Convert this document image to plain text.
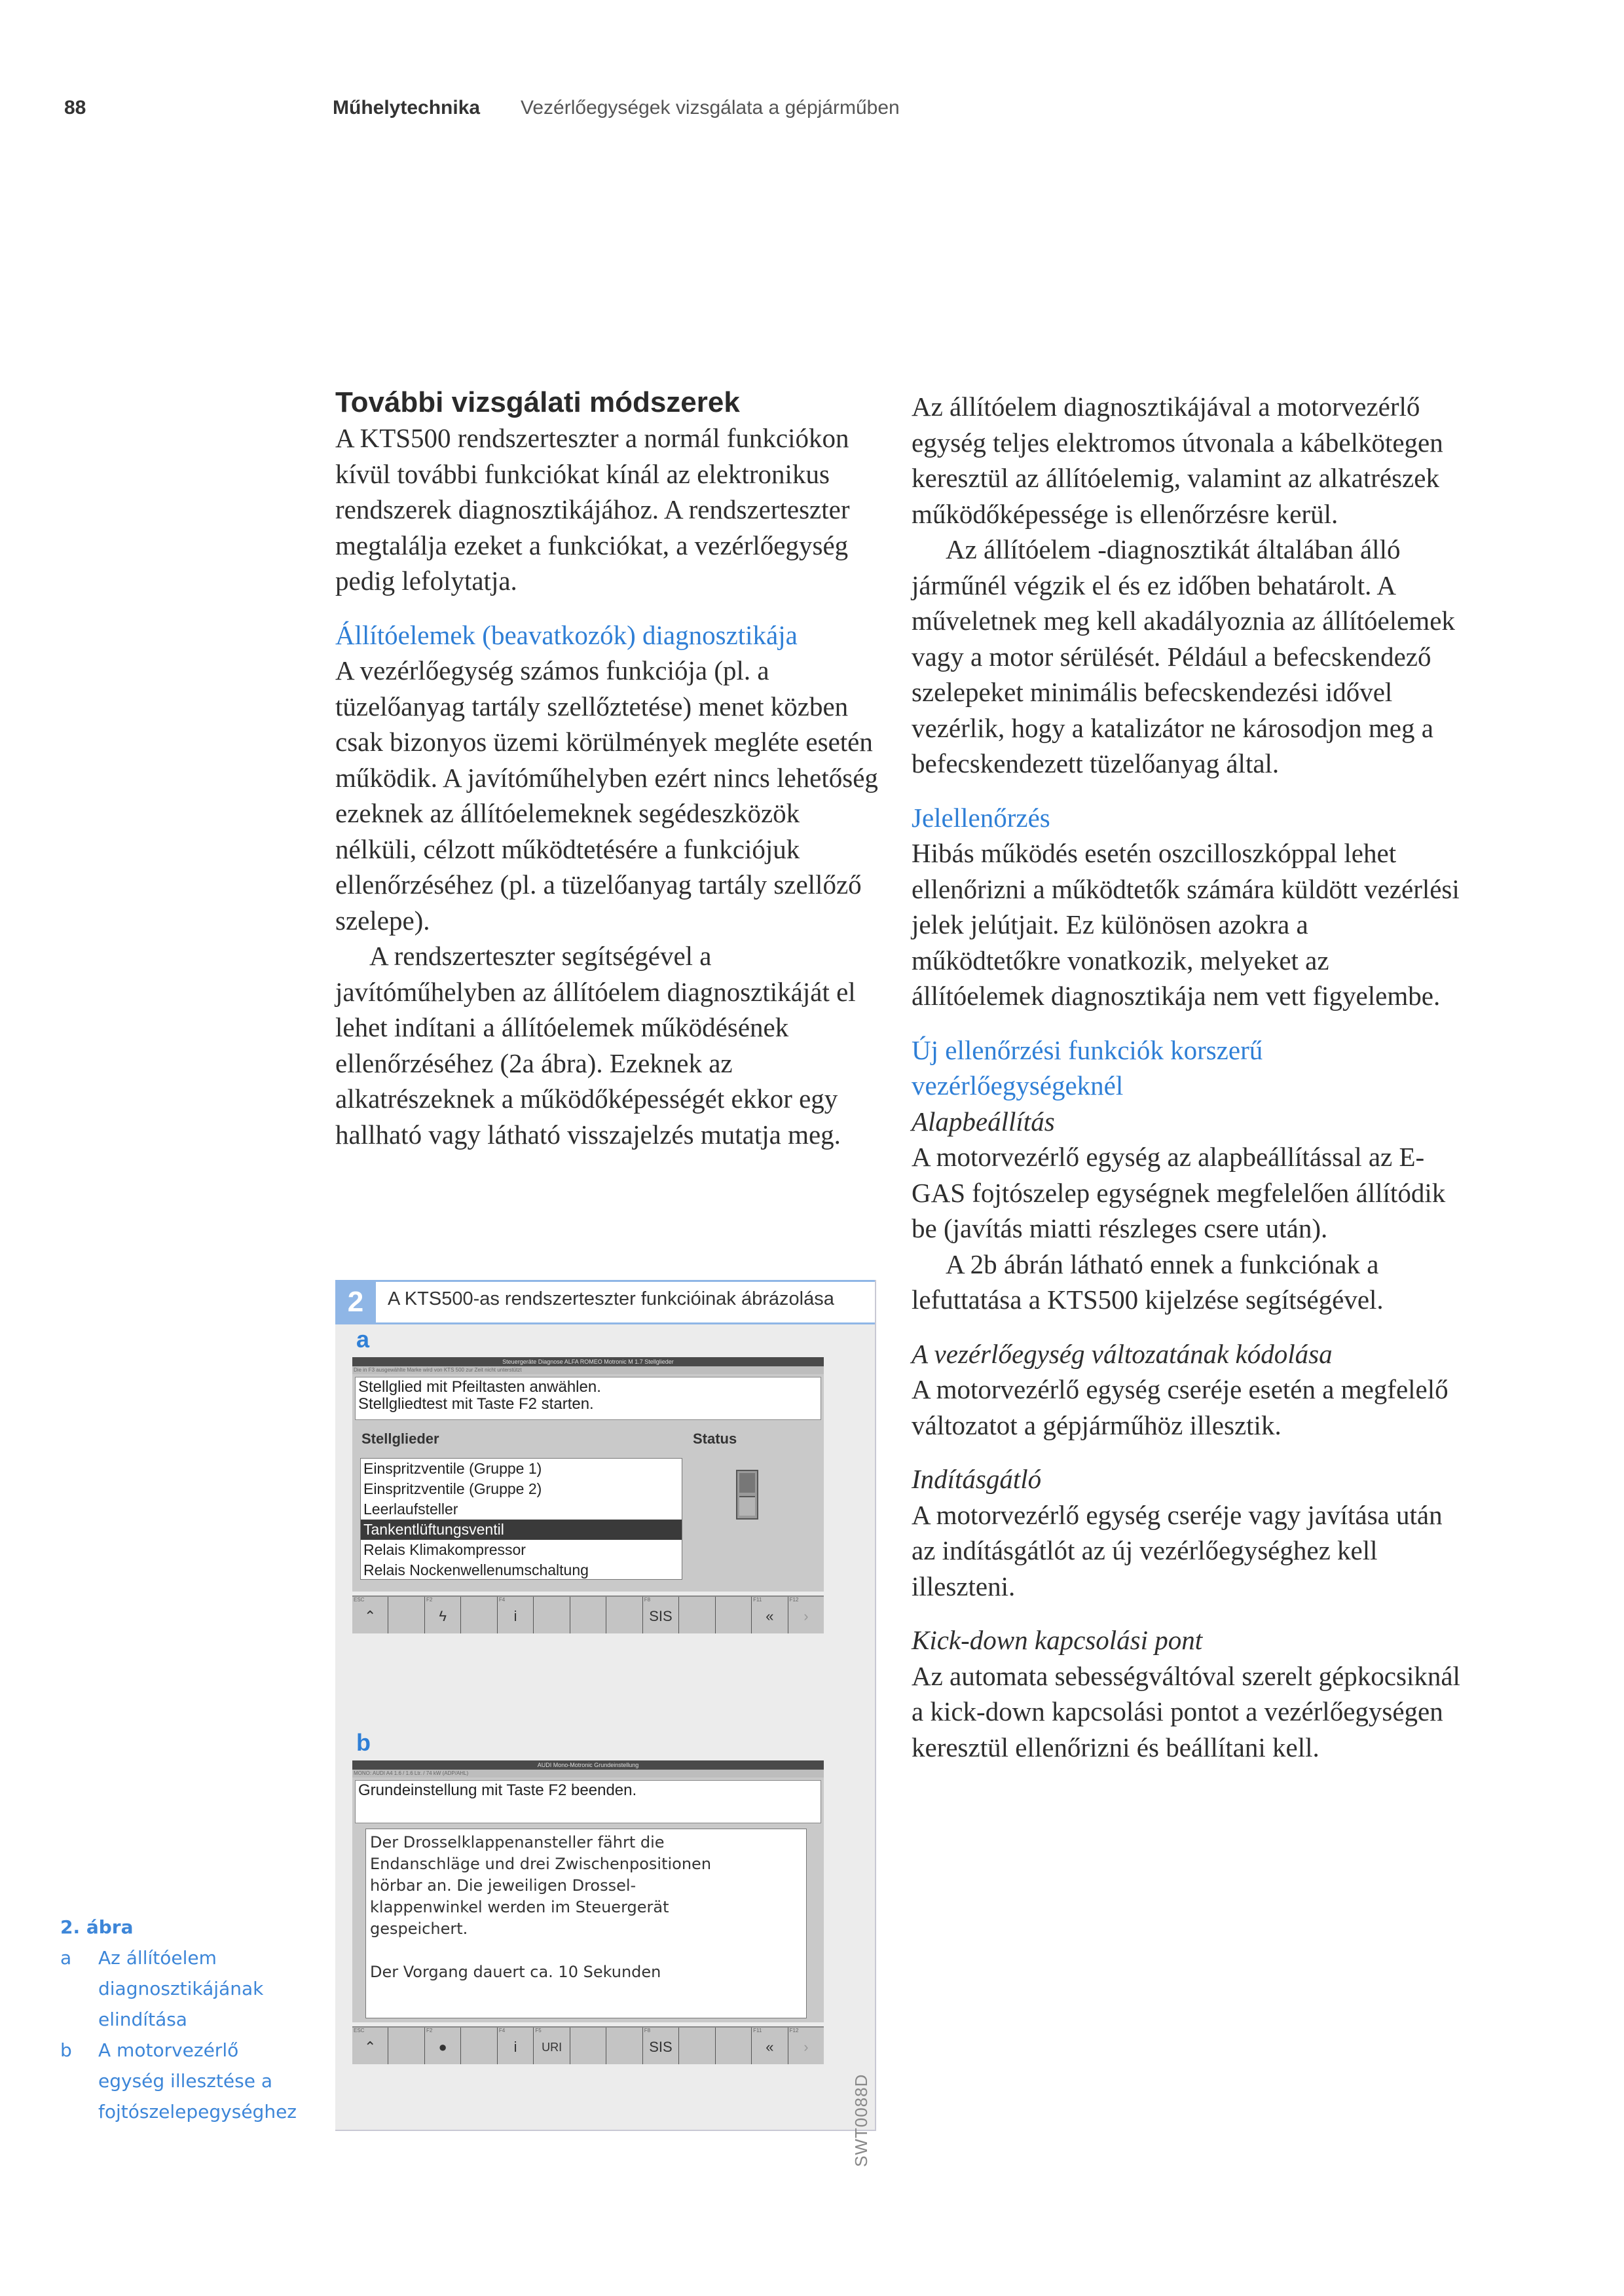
88	Műhelytechnika Vezérlőegységek vizsgálata a gépjárműben
További vizsgálati módszerek

A KTS500 rendszerteszter a normál funkciókon kívül további funkciókat kínál az elektronikus rendszerek diagnosztikájához. A rendszerteszter megtalálja ezeket a funkciókat, a vezérlőegység pedig lefolytatja.

Állítóelemek (beavatkozók) diagnosztikája

A vezérlőegység számos funkciója (pl. a tüzelőanyag tartály szellőztetése) menet közben csak bizonyos üzemi körülmények megléte esetén működik. A javítóműhelyben ezért nincs lehetőség ezeknek az állítóelemeknek segédeszközök nélküli, célzott működtetésére a funkciójuk ellenőrzéséhez (pl. a tüzelőanyag tartály szellőző szelepe).

A rendszerteszter segítségével a javítóműhelyben az állítóelem diagnosztikáját el lehet indítani a állítóelemek működésének ellenőrzéséhez (2a ábra). Ezeknek az alkatrészeknek a működőképességét ekkor egy hallható vagy látható visszajelzés mutatja meg.

Az állítóelem diagnosztikájával a motorvezérlő egység teljes elektromos útvonala a kábelkötegen keresztül az állítóelemig, valamint az alkatrészek működőképessége is ellenőrzésre kerül.

Az állítóelem -diagnosztikát általában álló járműnél végzik el és ez időben behatárolt. A műveletnek meg kell akadályoznia az állítóelemek vagy a motor sérülését. Például a befecskendező szelepeket minimális befecskendezési idővel vezérlik, hogy a katalizátor ne károsodjon meg a befecskendezett tüzelőanyag által.

Jelellenőrzés

Hibás működés esetén oszcilloszkóppal lehet ellenőrizni a működtetők számára küldött vezérlési jelek jelútjait. Ez különösen azokra a működtetőkre vonatkozik, melyeket az állítóelemek diagnosztikája nem vett figyelembe.

Új ellenőrzési funkciók korszerű vezérlőegységeknél

Alapbeállítás

A motorvezérlő egység az alapbeállítással az E-GAS fojtószelep egységnek megfelelően állítódik be (javítás miatti részleges csere után).

A 2b ábrán látható ennek a funkciónak a lefuttatása a KTS500 kijelzése segítségével.

A vezérlőegység változatának kódolása

A motorvezérlő egység cseréje esetén a megfelelő változatot a gépjárműhöz illesztik.

Indításgátló

A motorvezérlő egység cseréje vagy javítása után az indításgátlót az új vezérlőegységhez kell illeszteni.

Kick-down kapcsolási pont

Az automata sebességváltóval szerelt gépkocsiknál a kick-down kapcsolási pontot a vezérlőegységen keresztül ellenőrizni és beállítani kell.

2	A KTS500-as rendszerteszter funkcióinak ábrázolása
a
Steuergeräte Diagnose ALFA ROMEO Motronic M 1.7 Stellglieder
Die in F3 ausgewählte Marke wird von KTS 500 zur Zeit nicht unterstützt
Stellglied mit Pfeiltasten anwählen.
Stellgliedtest mit Taste F2 starten.
Stellglieder	Status
Einspritzventile (Gruppe 1)
Einspritzventile (Gruppe 2)
Leerlaufsteller
Tankentlüftungsventil
Relais Klimakompressor
Relais Nockenwellenumschaltung
ESC
⌃
F2
ϟ
F4
i
F8
SIS
F11
«
F12
›
b
AUDI Mono-Motronic Grundeinstellung
MONO: AUDI A4 1.6 / 1.6 Ltr. / 74 kW (ADP/AHL)
Grundeinstellung mit Taste F2 beenden.
Der Drosselklappenansteller fährt die
Endanschläge und drei Zwischenpositionen
hörbar an. Die jeweiligen Drossel-
klappenwinkel werden im Steuergerät
gespeichert.
Der Vorgang dauert ca. 10 Sekunden
ESC
⌃
F2
●
F4
i
F5
URI
F8
SIS
F11
«
F12
›
SWT0088D
2. ábra
a	Az állítóelem diagnosztikájának elindítása
b	A motorvezérlő egység illesztése a fojtószelepegységhez
